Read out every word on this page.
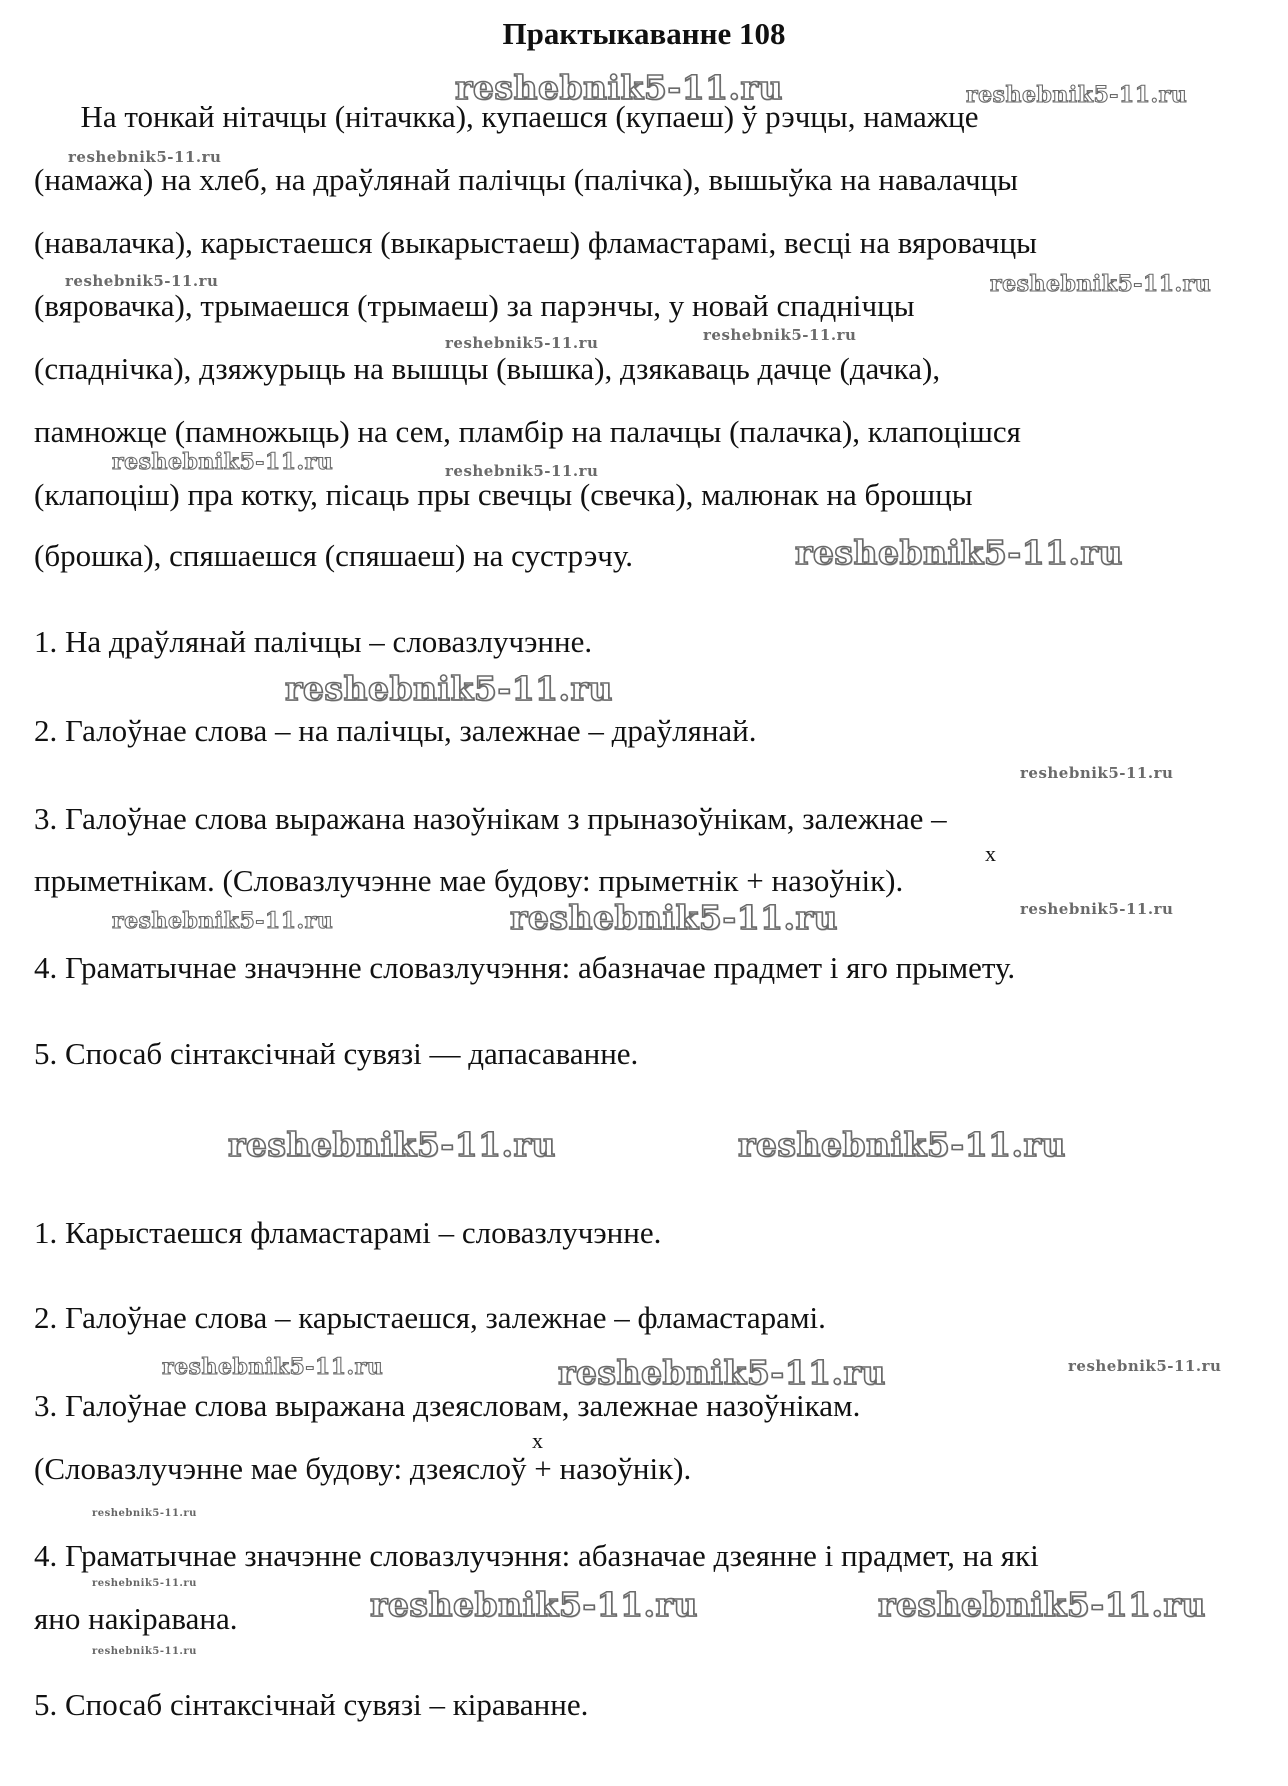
Практыкаванне 108
На тонкай нітачцы (нітачкка), купаешся (купаеш) ў рэчцы, намажце
(намажа) на хлеб, на драўлянай палічцы (палічка), вышыўка на навалачцы
(навалачка), карыстаешся (выкарыстаеш) фламастарамі, весці на вяровачцы
(вяровачка), трымаешся (трымаеш) за парэнчы, у новай спаднічцы
(спаднічка), дзяжурыць на вышцы (вышка), дзякаваць дачце (дачка),
памножце (памножыць) на сем, пламбір на палачцы (палачка), клапоцішся
(клапоціш) пра котку, пісаць пры свечцы (свечка), малюнак на брошцы
(брошка), спяшаешся (спяшаеш) на сустрэчу.
1. На драўлянай палічцы – словазлучэнне.
2. Галоўнае слова – на палічцы, залежнае – драўлянай.
3. Галоўнае слова выражана назоўнікам з прыназоўнікам, залежнае –
x
прыметнікам. (Словазлучэнне мае будову: прыметнік + назоўнік).
4. Граматычнае значэнне словазлучэння: абазначае прадмет і яго прымету.
5. Спосаб сінтаксічнай сувязі — дапасаванне.
1. Карыстаешся фламастарамі – словазлучэнне.
2. Галоўнае слова – карыстаешся, залежнае – фламастарамі.
3. Галоўнае слова выражана дзеясловам, залежнае назоўнікам.
x
(Словазлучэнне мае будову: дзеяслоў + назоўнік).
4. Граматычнае значэнне словазлучэння: абазначае дзеянне і прадмет, на які
яно накіравана.
5. Спосаб сінтаксічнай сувязі – кіраванне.
reshebnik5-11.ru	reshebnik5-11.ru
reshebnik5-11.ru
reshebnik5-11.ru	reshebnik5-11.ru
reshebnik5-11.ru
reshebnik5-11.ru
reshebnik5-11.ru	reshebnik5-11.ru
reshebnik5-11.ru
reshebnik5-11.ru
reshebnik5-11.ru
reshebnik5-11.ru	reshebnik5-11.ru	reshebnik5-11.ru
reshebnik5-11.ru	reshebnik5-11.ru
reshebnik5-11.ru	reshebnik5-11.ru	reshebnik5-11.ru
reshebnik5-11.ru
reshebnik5-11.ru
reshebnik5-11.ru	reshebnik5-11.ru
reshebnik5-11.ru
